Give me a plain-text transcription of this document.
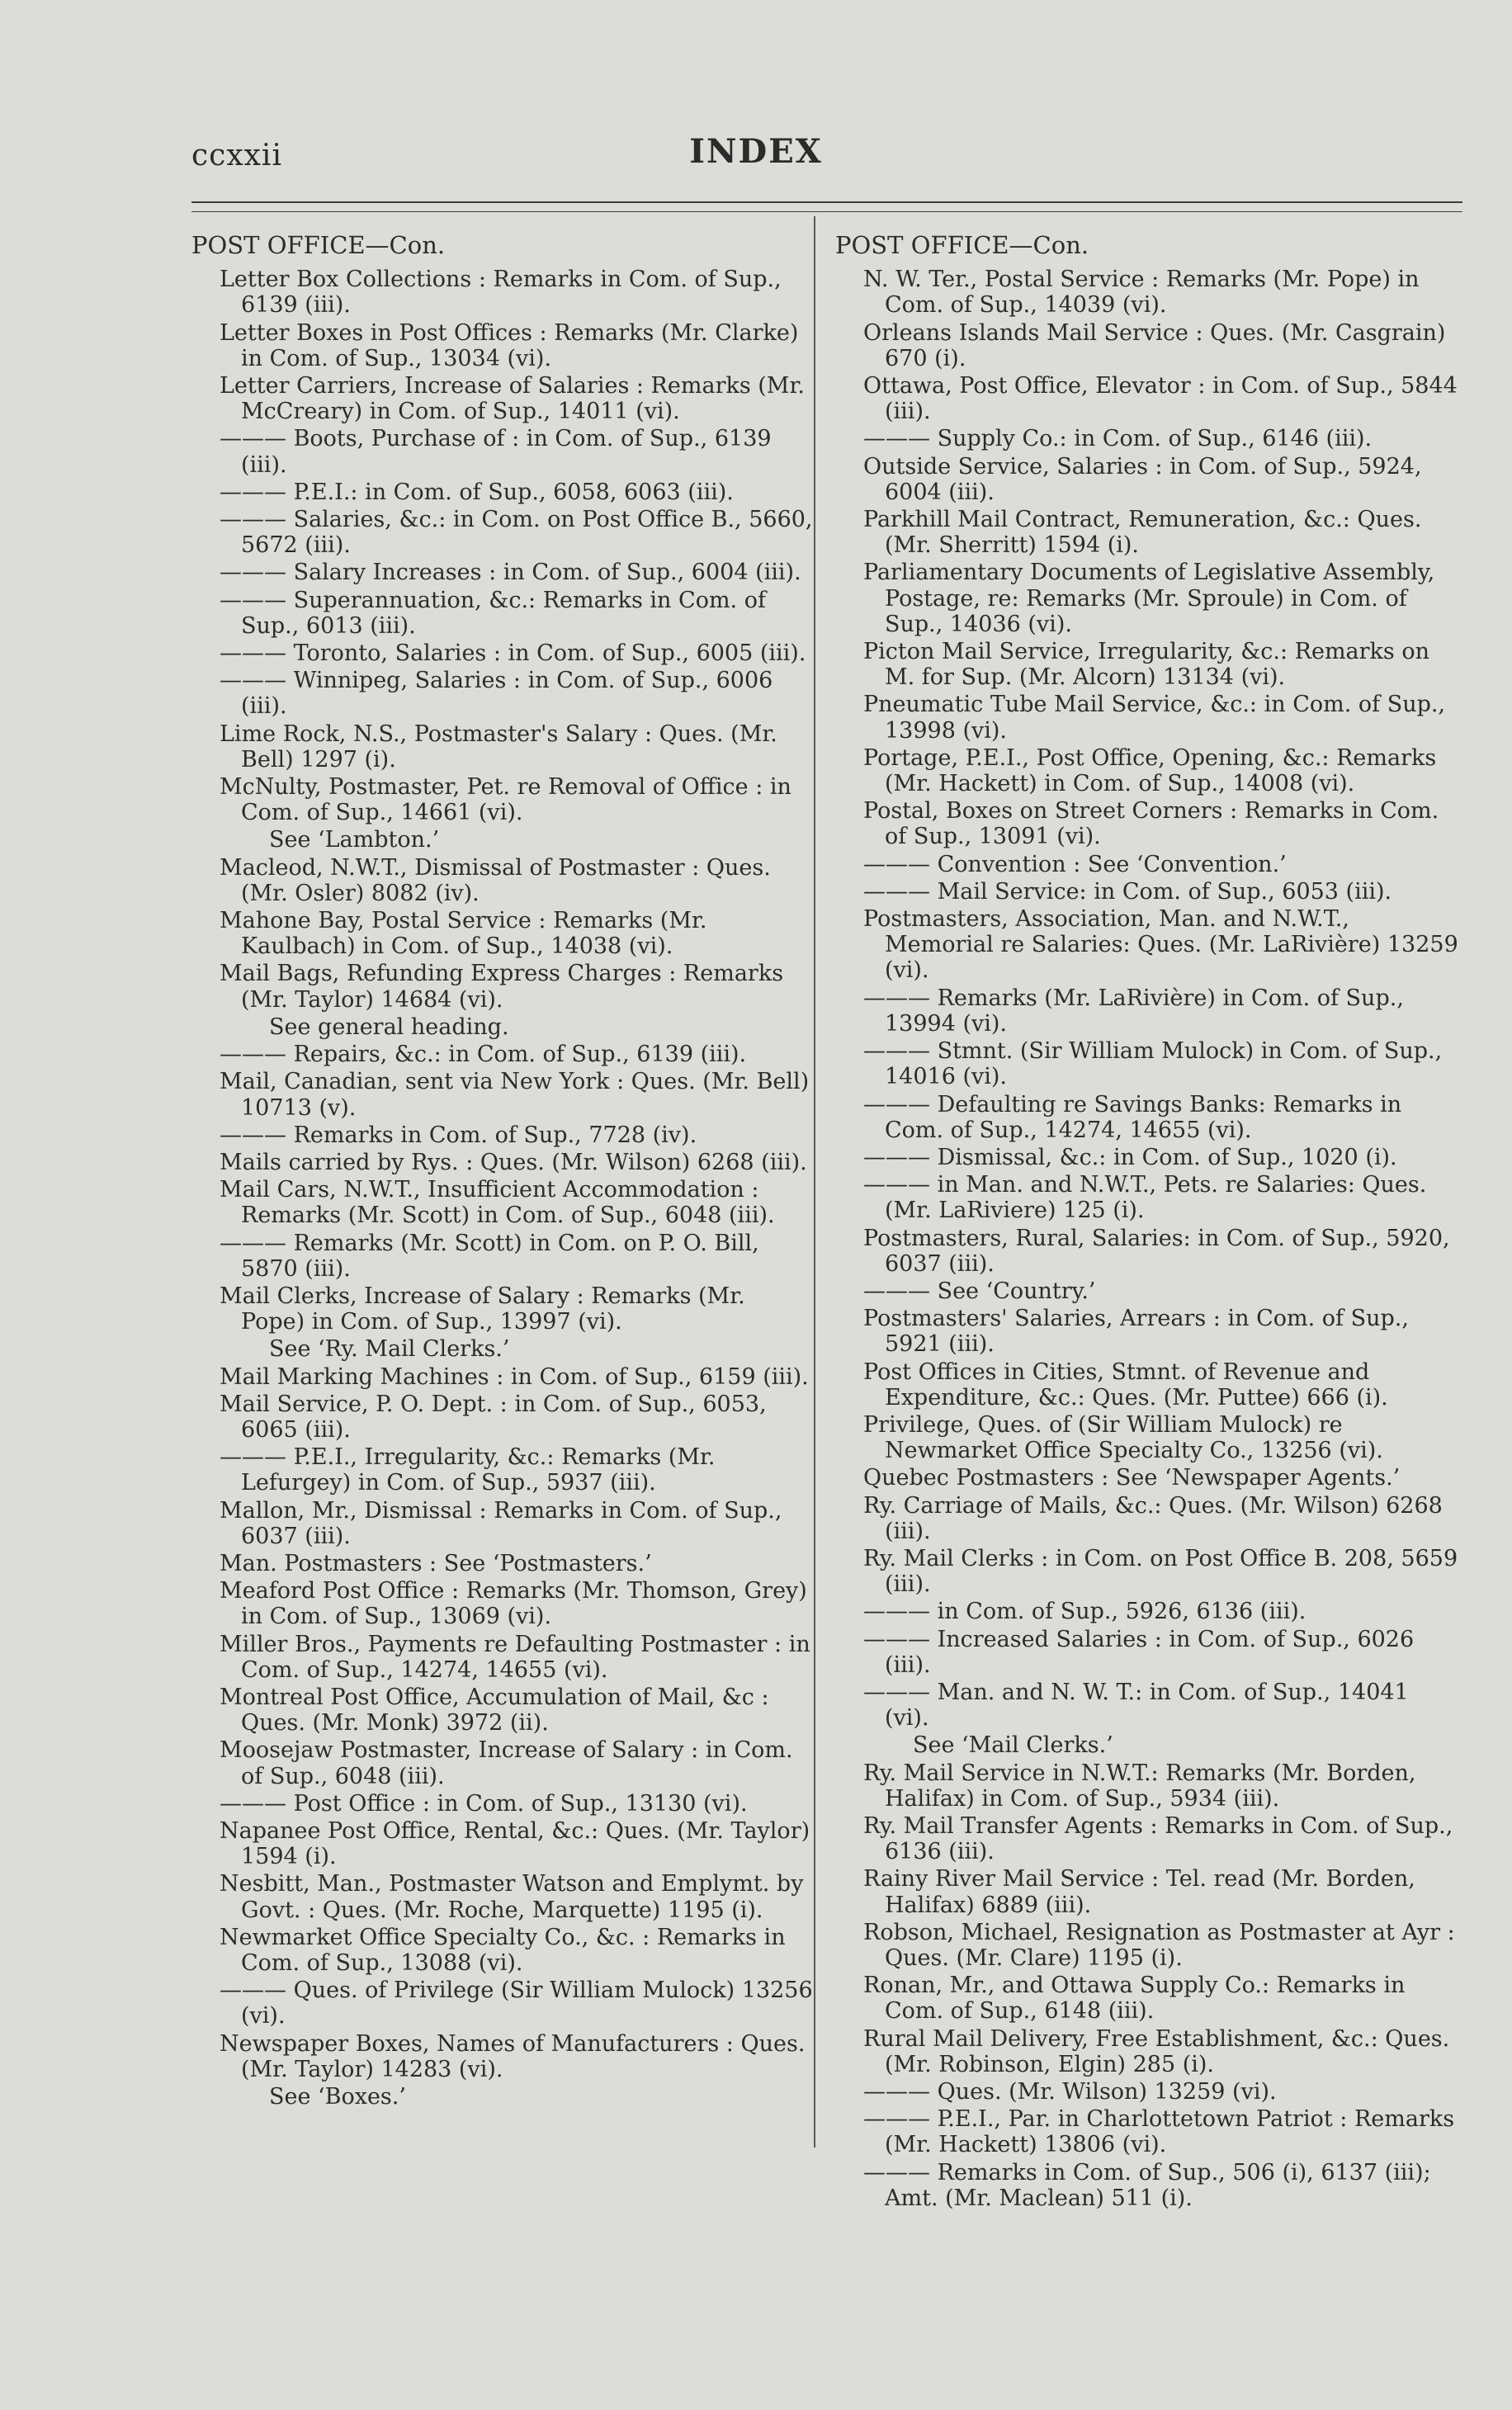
ccxxii	INDEX
POST OFFICE—Con.

Letter Box Collections : Remarks in Com. of Sup., 6139 (iii).

Letter Boxes in Post Offices : Remarks (Mr. Clarke) in Com. of Sup., 13034 (vi).

Letter Carriers, Increase of Salaries : Remarks (Mr. McCreary) in Com. of Sup., 14011 (vi).

——— Boots, Purchase of : in Com. of Sup., 6139 (iii).

——— P.E.I.: in Com. of Sup., 6058, 6063 (iii).

——— Salaries, &c.: in Com. on Post Office B., 5660, 5672 (iii).

——— Salary Increases : in Com. of Sup., 6004 (iii).

——— Superannuation, &c.: Remarks in Com. of Sup., 6013 (iii).

——— Toronto, Salaries : in Com. of Sup., 6005 (iii).

——— Winnipeg, Salaries : in Com. of Sup., 6006 (iii).

Lime Rock, N.S., Postmaster's Salary : Ques. (Mr. Bell) 1297 (i).

McNulty, Postmaster, Pet. re Removal of Office : in Com. of Sup., 14661 (vi).

See ‘Lambton.’

Macleod, N.W.T., Dismissal of Postmaster : Ques. (Mr. Osler) 8082 (iv).

Mahone Bay, Postal Service : Remarks (Mr. Kaulbach) in Com. of Sup., 14038 (vi).

Mail Bags, Refunding Express Charges : Remarks (Mr. Taylor) 14684 (vi).

See general heading.

——— Repairs, &c.: in Com. of Sup., 6139 (iii).

Mail, Canadian, sent via New York : Ques. (Mr. Bell) 10713 (v).

——— Remarks in Com. of Sup., 7728 (iv).

Mails carried by Rys. : Ques. (Mr. Wilson) 6268 (iii).

Mail Cars, N.W.T., Insufficient Accommodation : Remarks (Mr. Scott) in Com. of Sup., 6048 (iii).

——— Remarks (Mr. Scott) in Com. on P. O. Bill, 5870 (iii).

Mail Clerks, Increase of Salary : Remarks (Mr. Pope) in Com. of Sup., 13997 (vi).

See ‘Ry. Mail Clerks.’

Mail Marking Machines : in Com. of Sup., 6159 (iii).

Mail Service, P. O. Dept. : in Com. of Sup., 6053, 6065 (iii).

——— P.E.I., Irregularity, &c.: Remarks (Mr. Lefurgey) in Com. of Sup., 5937 (iii).

Mallon, Mr., Dismissal : Remarks in Com. of Sup., 6037 (iii).

Man. Postmasters : See ‘Postmasters.’

Meaford Post Office : Remarks (Mr. Thomson, Grey) in Com. of Sup., 13069 (vi).

Miller Bros., Payments re Defaulting Postmaster : in Com. of Sup., 14274, 14655 (vi).

Montreal Post Office, Accumulation of Mail, &c : Ques. (Mr. Monk) 3972 (ii).

Moosejaw Postmaster, Increase of Salary : in Com. of Sup., 6048 (iii).

——— Post Office : in Com. of Sup., 13130 (vi).

Napanee Post Office, Rental, &c.: Ques. (Mr. Taylor) 1594 (i).

Nesbitt, Man., Postmaster Watson and Emplymt. by Govt. : Ques. (Mr. Roche, Marquette) 1195 (i).

Newmarket Office Specialty Co., &c. : Remarks in Com. of Sup., 13088 (vi).

——— Ques. of Privilege (Sir William Mulock) 13256 (vi).

Newspaper Boxes, Names of Manufacturers : Ques. (Mr. Taylor) 14283 (vi).

See ‘Boxes.’

POST OFFICE—Con.

N. W. Ter., Postal Service : Remarks (Mr. Pope) in Com. of Sup., 14039 (vi).

Orleans Islands Mail Service : Ques. (Mr. Casgrain) 670 (i).

Ottawa, Post Office, Elevator : in Com. of Sup., 5844 (iii).

——— Supply Co.: in Com. of Sup., 6146 (iii).

Outside Service, Salaries : in Com. of Sup., 5924, 6004 (iii).

Parkhill Mail Contract, Remuneration, &c.: Ques. (Mr. Sherritt) 1594 (i).

Parliamentary Documents of Legislative Assembly, Postage, re: Remarks (Mr. Sproule) in Com. of Sup., 14036 (vi).

Picton Mail Service, Irregularity, &c.: Remarks on M. for Sup. (Mr. Alcorn) 13134 (vi).

Pneumatic Tube Mail Service, &c.: in Com. of Sup., 13998 (vi).

Portage, P.E.I., Post Office, Opening, &c.: Remarks (Mr. Hackett) in Com. of Sup., 14008 (vi).

Postal, Boxes on Street Corners : Remarks in Com. of Sup., 13091 (vi).

——— Convention : See ‘Convention.’

——— Mail Service: in Com. of Sup., 6053 (iii).

Postmasters, Association, Man. and N.W.T., Memorial re Salaries: Ques. (Mr. LaRivière) 13259 (vi).

——— Remarks (Mr. LaRivière) in Com. of Sup., 13994 (vi).

——— Stmnt. (Sir William Mulock) in Com. of Sup., 14016 (vi).

——— Defaulting re Savings Banks: Remarks in Com. of Sup., 14274, 14655 (vi).

——— Dismissal, &c.: in Com. of Sup., 1020 (i).

——— in Man. and N.W.T., Pets. re Salaries: Ques. (Mr. LaRiviere) 125 (i).

Postmasters, Rural, Salaries: in Com. of Sup., 5920, 6037 (iii).

——— See ‘Country.’

Postmasters' Salaries, Arrears : in Com. of Sup., 5921 (iii).

Post Offices in Cities, Stmnt. of Revenue and Expenditure, &c.: Ques. (Mr. Puttee) 666 (i).

Privilege, Ques. of (Sir William Mulock) re Newmarket Office Specialty Co., 13256 (vi).

Quebec Postmasters : See ‘Newspaper Agents.’

Ry. Carriage of Mails, &c.: Ques. (Mr. Wilson) 6268 (iii).

Ry. Mail Clerks : in Com. on Post Office B. 208, 5659 (iii).

——— in Com. of Sup., 5926, 6136 (iii).

——— Increased Salaries : in Com. of Sup., 6026 (iii).

——— Man. and N. W. T.: in Com. of Sup., 14041 (vi).

See ‘Mail Clerks.’

Ry. Mail Service in N.W.T.: Remarks (Mr. Borden, Halifax) in Com. of Sup., 5934 (iii).

Ry. Mail Transfer Agents : Remarks in Com. of Sup., 6136 (iii).

Rainy River Mail Service : Tel. read (Mr. Borden, Halifax) 6889 (iii).

Robson, Michael, Resignation as Postmaster at Ayr : Ques. (Mr. Clare) 1195 (i).

Ronan, Mr., and Ottawa Supply Co.: Remarks in Com. of Sup., 6148 (iii).

Rural Mail Delivery, Free Establishment, &c.: Ques. (Mr. Robinson, Elgin) 285 (i).

——— Ques. (Mr. Wilson) 13259 (vi).

——— P.E.I., Par. in Charlottetown Patriot : Remarks (Mr. Hackett) 13806 (vi).

——— Remarks in Com. of Sup., 506 (i), 6137 (iii); Amt. (Mr. Maclean) 511 (i).
